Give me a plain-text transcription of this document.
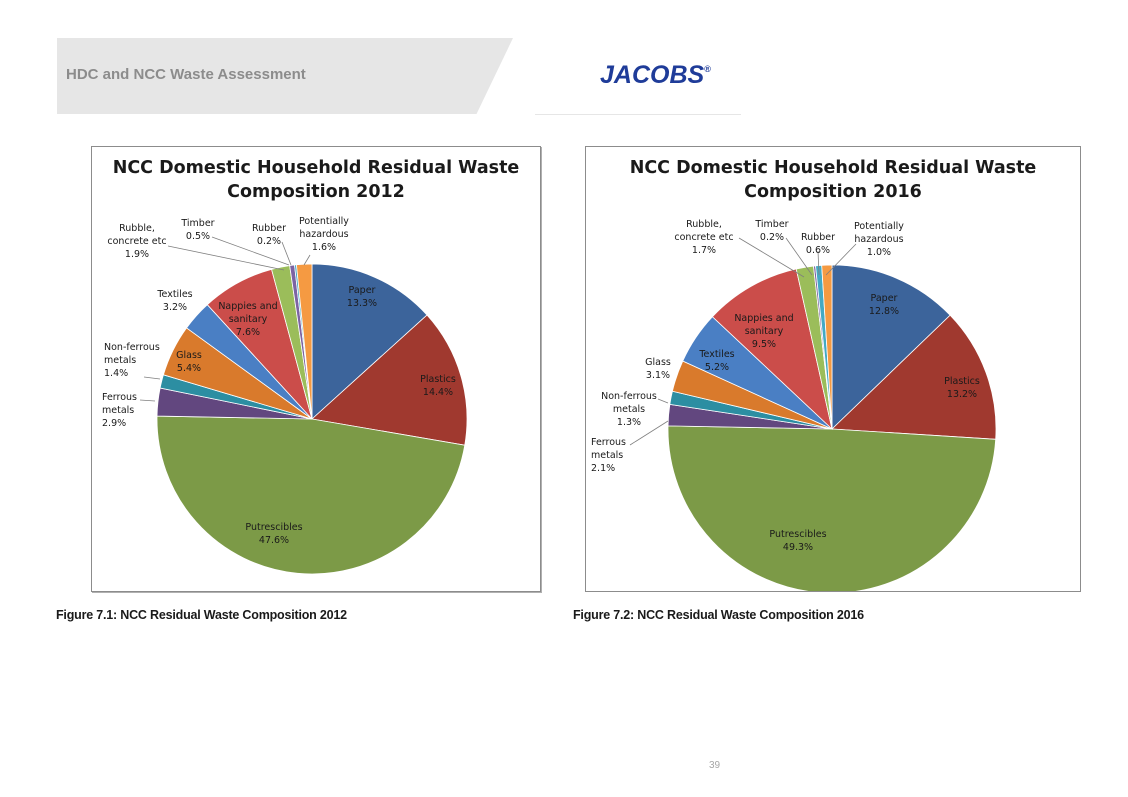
HDC and NCC Waste Assessment	JACOBS®
NCC Domestic Household Residual Waste
Composition 2012
Paper 13.3%
Plastics 14.4%
Putrescibles 47.6%
Ferrous metals 2.9%
Non-ferrous metals 1.4%
Glass 5.4%
Textiles 3.2%	Nappies and sanitary 7.6%
Rubble, concrete etc 1.9%
Timber 0.5%
Rubber 0.2%
Potentially hazardous 1.6%
NCC Domestic Household Residual Waste
Composition 2016
Paper 12.8%
Plastics 13.2%
Putrescibles 49.3%
Ferrous metals 2.1%
Non-ferrous metals 1.3%
Glass 3.1%
Textiles 5.2%
Nappies and sanitary 9.5%
Rubble, concrete etc 1.7%
Timber 0.2%	Rubber 0.6%
Potentially hazardous 1.0%
Figure 7.1: NCC Residual Waste Composition 2012	Figure 7.2: NCC Residual Waste Composition 2016
39
